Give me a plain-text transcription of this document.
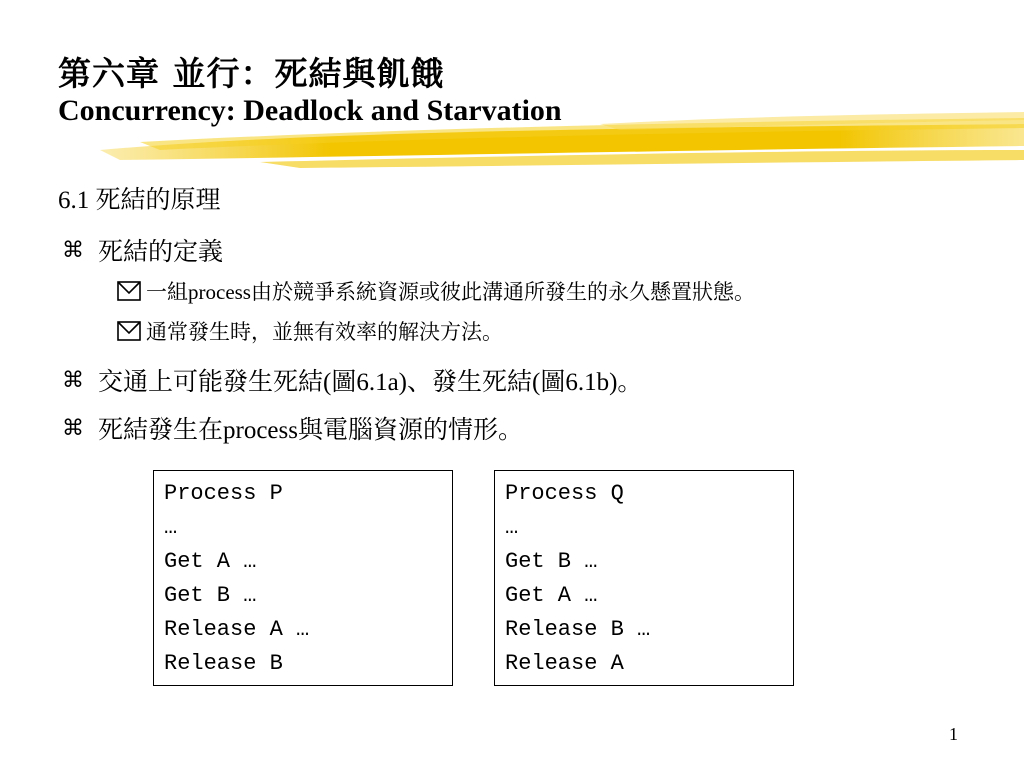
第六章 並行：死結與飢餓
Concurrency: Deadlock and Starvation
6.1 死結的原理
⌘ 死結的定義
一組process由於競爭系統資源或彼此溝通所發生的永久懸置狀態。
通常發生時，並無有效率的解決方法。
⌘ 交通上可能發生死結(圖6.1a)、發生死結(圖6.1b)。
⌘ 死結發生在process與電腦資源的情形。
Process P
…
Get A …
Get B …
Release A …
Release B
Process Q
…
Get B …
Get A …
Release B …
Release A
1
